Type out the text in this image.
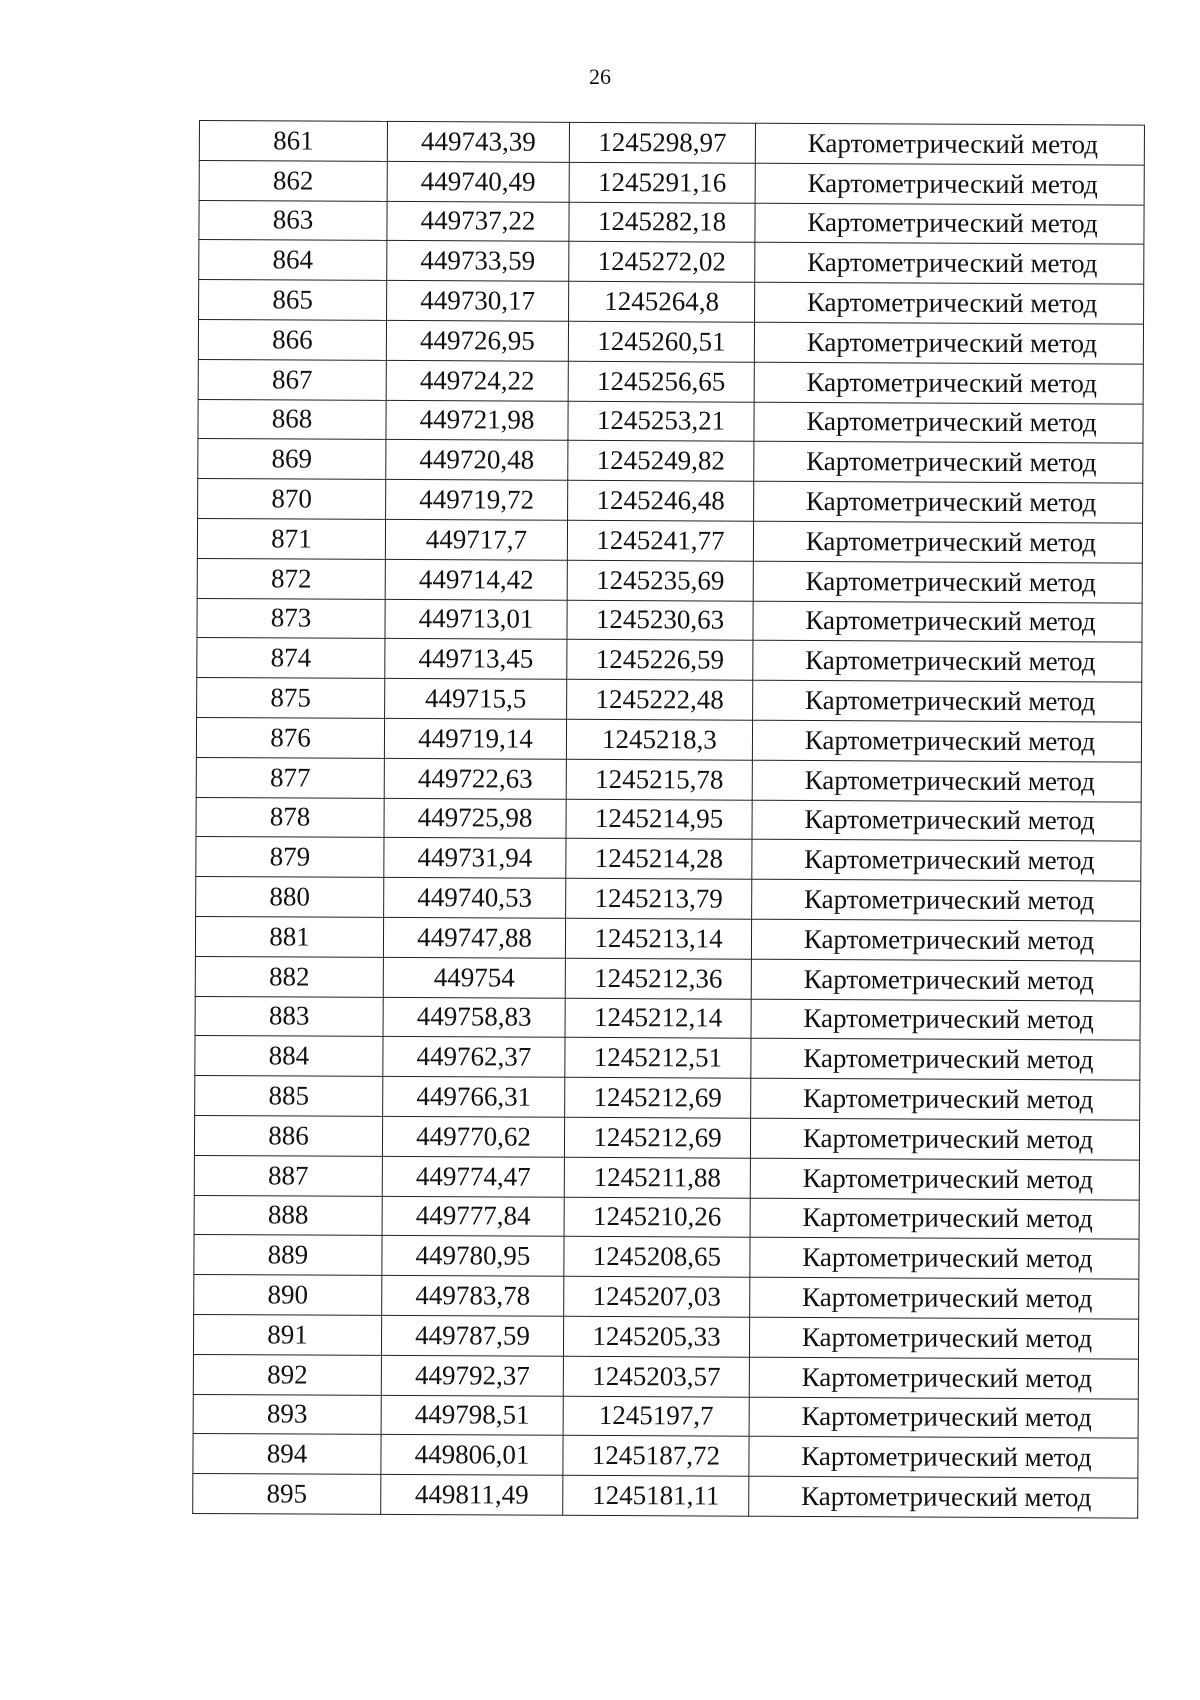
26
861	449743,39	1245298,97	Картометрический метод
862	449740,49	1245291,16	Картометрический метод
863	449737,22	1245282,18	Картометрический метод
864	449733,59	1245272,02	Картометрический метод
865	449730,17	1245264,8	Картометрический метод
866	449726,95	1245260,51	Картометрический метод
867	449724,22	1245256,65	Картометрический метод
868	449721,98	1245253,21	Картометрический метод
869	449720,48	1245249,82	Картометрический метод
870	449719,72	1245246,48	Картометрический метод
871	449717,7	1245241,77	Картометрический метод
872	449714,42	1245235,69	Картометрический метод
873	449713,01	1245230,63	Картометрический метод
874	449713,45	1245226,59	Картометрический метод
875	449715,5	1245222,48	Картометрический метод
876	449719,14	1245218,3	Картометрический метод
877	449722,63	1245215,78	Картометрический метод
878	449725,98	1245214,95	Картометрический метод
879	449731,94	1245214,28	Картометрический метод
880	449740,53	1245213,79	Картометрический метод
881	449747,88	1245213,14	Картометрический метод
882	449754	1245212,36	Картометрический метод
883	449758,83	1245212,14	Картометрический метод
884	449762,37	1245212,51	Картометрический метод
885	449766,31	1245212,69	Картометрический метод
886	449770,62	1245212,69	Картометрический метод
887	449774,47	1245211,88	Картометрический метод
888	449777,84	1245210,26	Картометрический метод
889	449780,95	1245208,65	Картометрический метод
890	449783,78	1245207,03	Картометрический метод
891	449787,59	1245205,33	Картометрический метод
892	449792,37	1245203,57	Картометрический метод
893	449798,51	1245197,7	Картометрический метод
894	449806,01	1245187,72	Картометрический метод
895	449811,49	1245181,11	Картометрический метод
